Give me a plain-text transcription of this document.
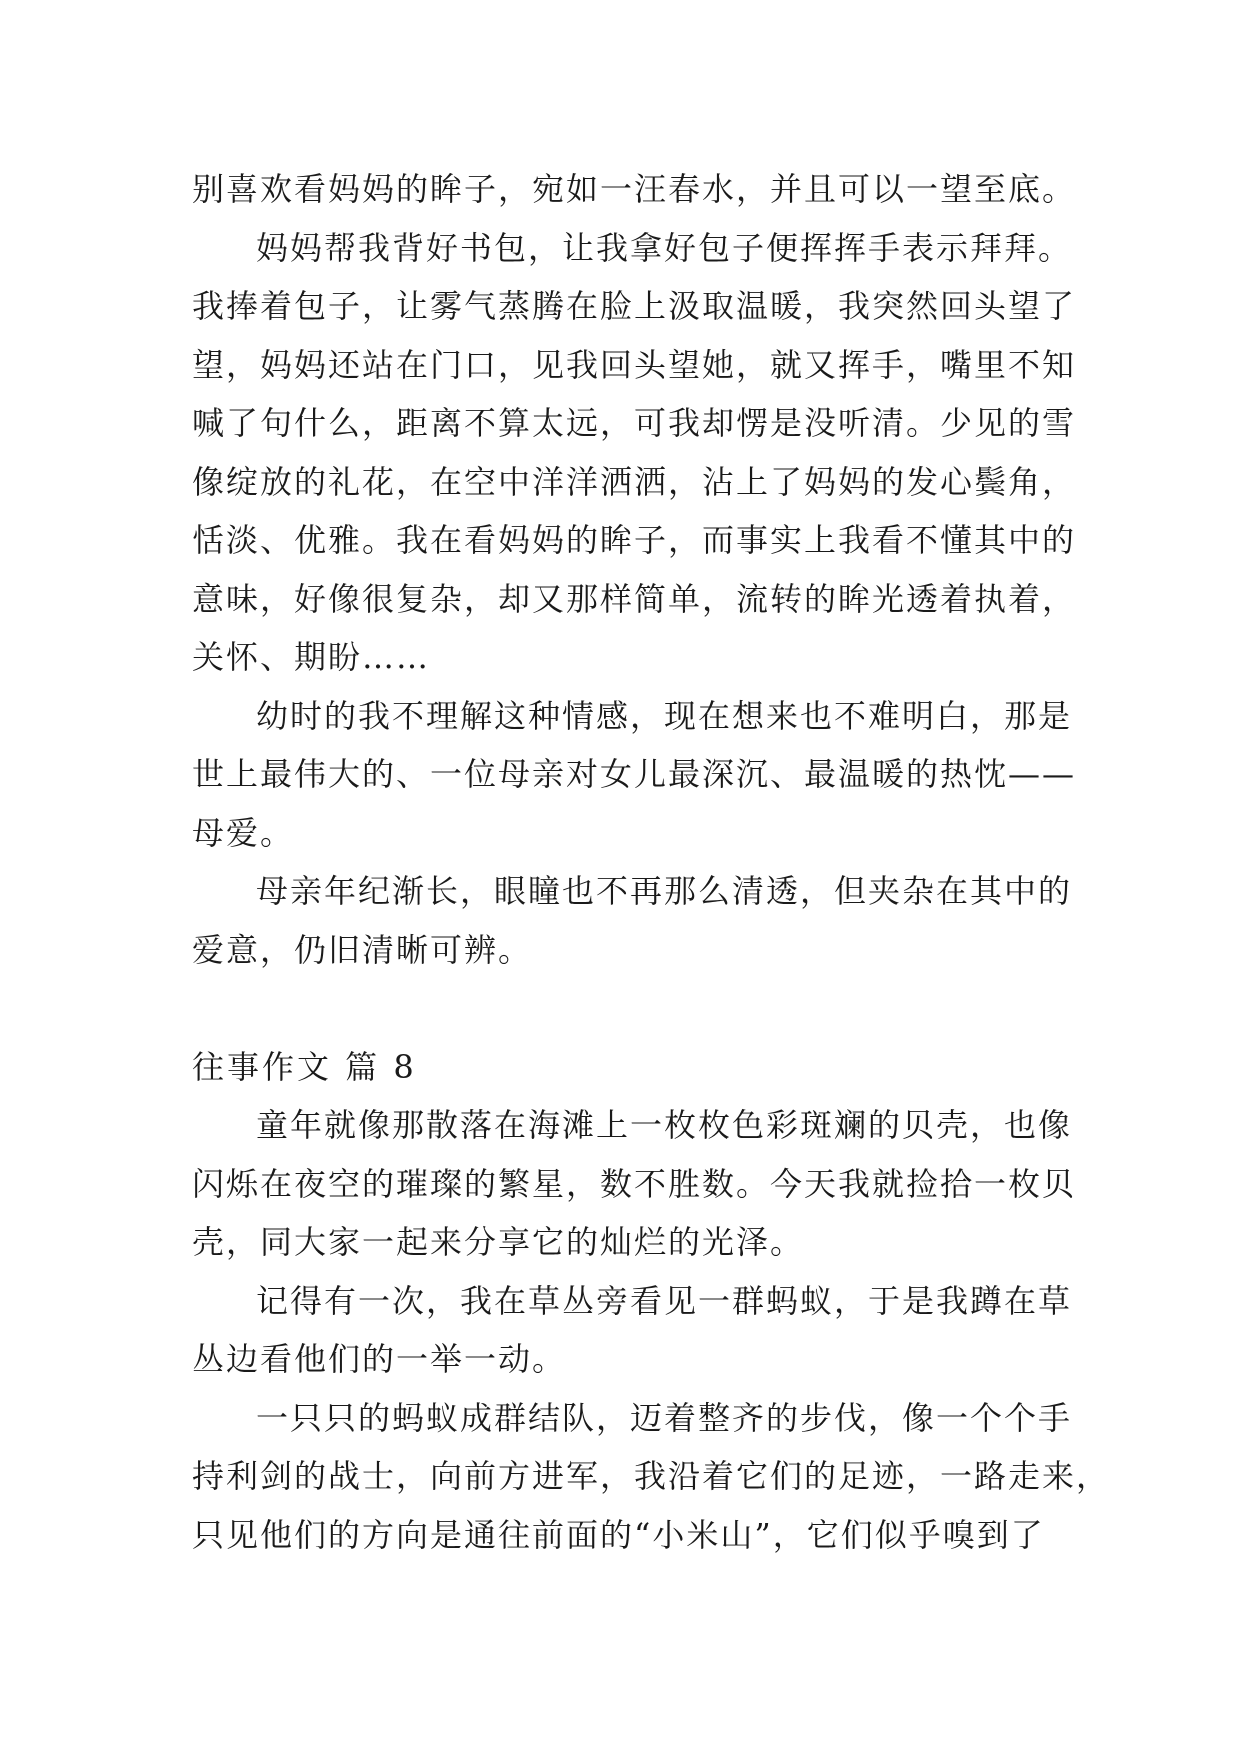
别喜欢看妈妈的眸子，宛如一汪春水，并且可以一望至底。
妈妈帮我背好书包，让我拿好包子便挥挥手表示拜拜。
我捧着包子，让雾气蒸腾在脸上汲取温暖，我突然回头望了
望，妈妈还站在门口，见我回头望她，就又挥手，嘴里不知
喊了句什么，距离不算太远，可我却愣是没听清。少见的雪
像绽放的礼花，在空中洋洋洒洒，沾上了妈妈的发心鬓角，
恬淡、优雅。我在看妈妈的眸子，而事实上我看不懂其中的
意味，好像很复杂，却又那样简单，流转的眸光透着执着，
关怀、期盼……
幼时的我不理解这种情感，现在想来也不难明白，那是
世上最伟大的、一位母亲对女儿最深沉、最温暖的热忱——
母爱。
母亲年纪渐长，眼瞳也不再那么清透，但夹杂在其中的
爱意，仍旧清晰可辨。
往事作文 篇 8
童年就像那散落在海滩上一枚枚色彩斑斓的贝壳，也像
闪烁在夜空的璀璨的繁星，数不胜数。今天我就捡拾一枚贝
壳，同大家一起来分享它的灿烂的光泽。
记得有一次，我在草丛旁看见一群蚂蚁，于是我蹲在草
丛边看他们的一举一动。
一只只的蚂蚁成群结队，迈着整齐的步伐，像一个个手
持利剑的战士，向前方进军，我沿着它们的足迹，一路走来，
只见他们的方向是通往前面的“小米山”，它们似乎嗅到了
